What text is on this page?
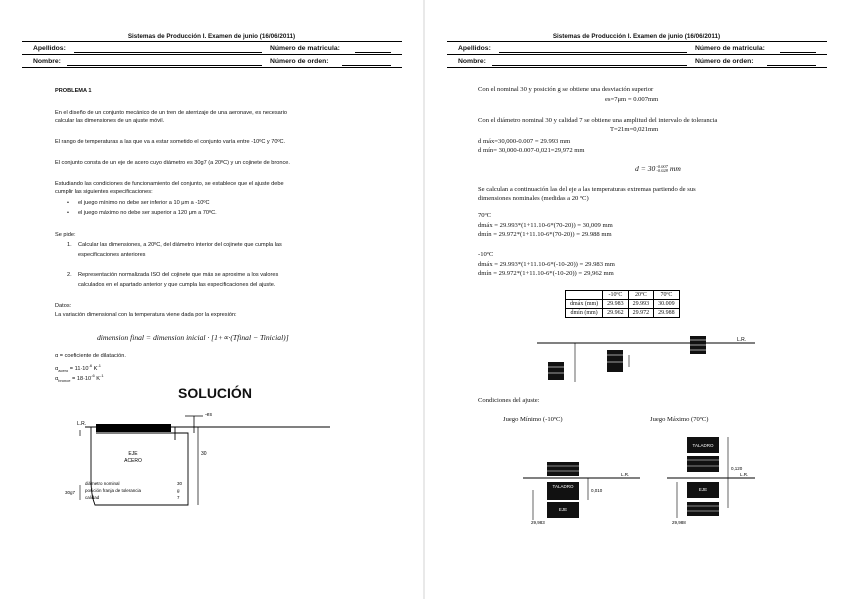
Sistemas de Producción I. Examen de junio (16/06/2011)
Apellidos:	Número de matricula:
Nombre:	Número de orden:
PROBLEMA 1
En el diseño de un conjunto mecánico de un tren de aterrizaje de una aeronave, es necesario
calcular las dimensiones de un ajuste móvil.
El rango de temperaturas a las que va a estar sometido el conjunto varía entre -10ºC y 70ºC.
El conjunto consta de un eje de acero cuyo diámetro es 30g7 (a 20ºC) y un cojinete de bronce.
Estudiando las condiciones de funcionamiento del conjunto, se establece que el ajuste debe
cumplir las siguientes especificaciones:
• el juego mínimo no debe ser inferior a 10 μm a -10ºC
• el juego máximo no debe ser superior a 120 μm a 70ºC.
Se pide:
1. Calcular las dimensiones, a 20ºC, del diámetro interior del cojinete que cumpla las
especificaciones anteriores
2. Representación normalizada ISO del cojinete que más se aproxime a los valores
calculados en el apartado anterior y que cumpla las especificaciones del ajuste.
Datos:
La variación dimensional con la temperatura viene dada por la expresión:
dimension final = dimension inicial · [1+∝·(Tfinal − Tinicial)]
α = coeficiente de dilatación.
$\alpha_{acero} = 11\cdot 10^{-6}$ $K^{-1}$
$\alpha_{bronce} = 18\cdot 10^{-6}$ $K^{-1}$
SOLUCIÓN
-es
30
L.R.
EJE
ACERO
30g7
diámetro nominal	30
posición franja de tolerancia	g
calidad	7
Sistemas de Producción I. Examen de junio (16/06/2011)
Apellidos:	Número de matricula:
Nombre:	Número de orden:
Con el nominal 30 y posición g se obtiene una desviación superior
es=7μm = 0.007mm
Con el diámetro nominal 30 y calidad 7 se obtiene una amplitud del intervalo de tolerancia
T=21m=0,021mm
d máx=30,000-0.007 = 29.993 mm
d mín= 30,000-0.007-0,021=29,972 mm
d = 30 -0.007
-0.028 mm
Se calculan a continuación las del eje a las temperaturas extremas partiendo de sus
dimensiones nominales (medidas a 20 ºC)
70ºC
dmáx = 29.993*(1+11.10-6*(70-20)) = 30,009 mm
dmín = 29.972*(1+11.10-6*(70-20)) = 29.988 mm
-10ºC
dmáx = 29.993*(1+11.10-6*(-10-20)) = 29.983 mm
dmín = 29.972*(1+11.10-6*(-10-20)) = 29,962 mm
	-10ºC	20ºC	70ºC
dmáx (mm)	29.983	29.993	30.009
dmín (mm)	29.962	29.972	29.988
L.R.
Condiciones del ajuste:
Juego Mínimo (-10ºC)	Juego Máximo (70ºC)
L.R.
TALADRO
EJE
0,010
29,983
L.R.
TALADRO
EJE
0,120
29,988
